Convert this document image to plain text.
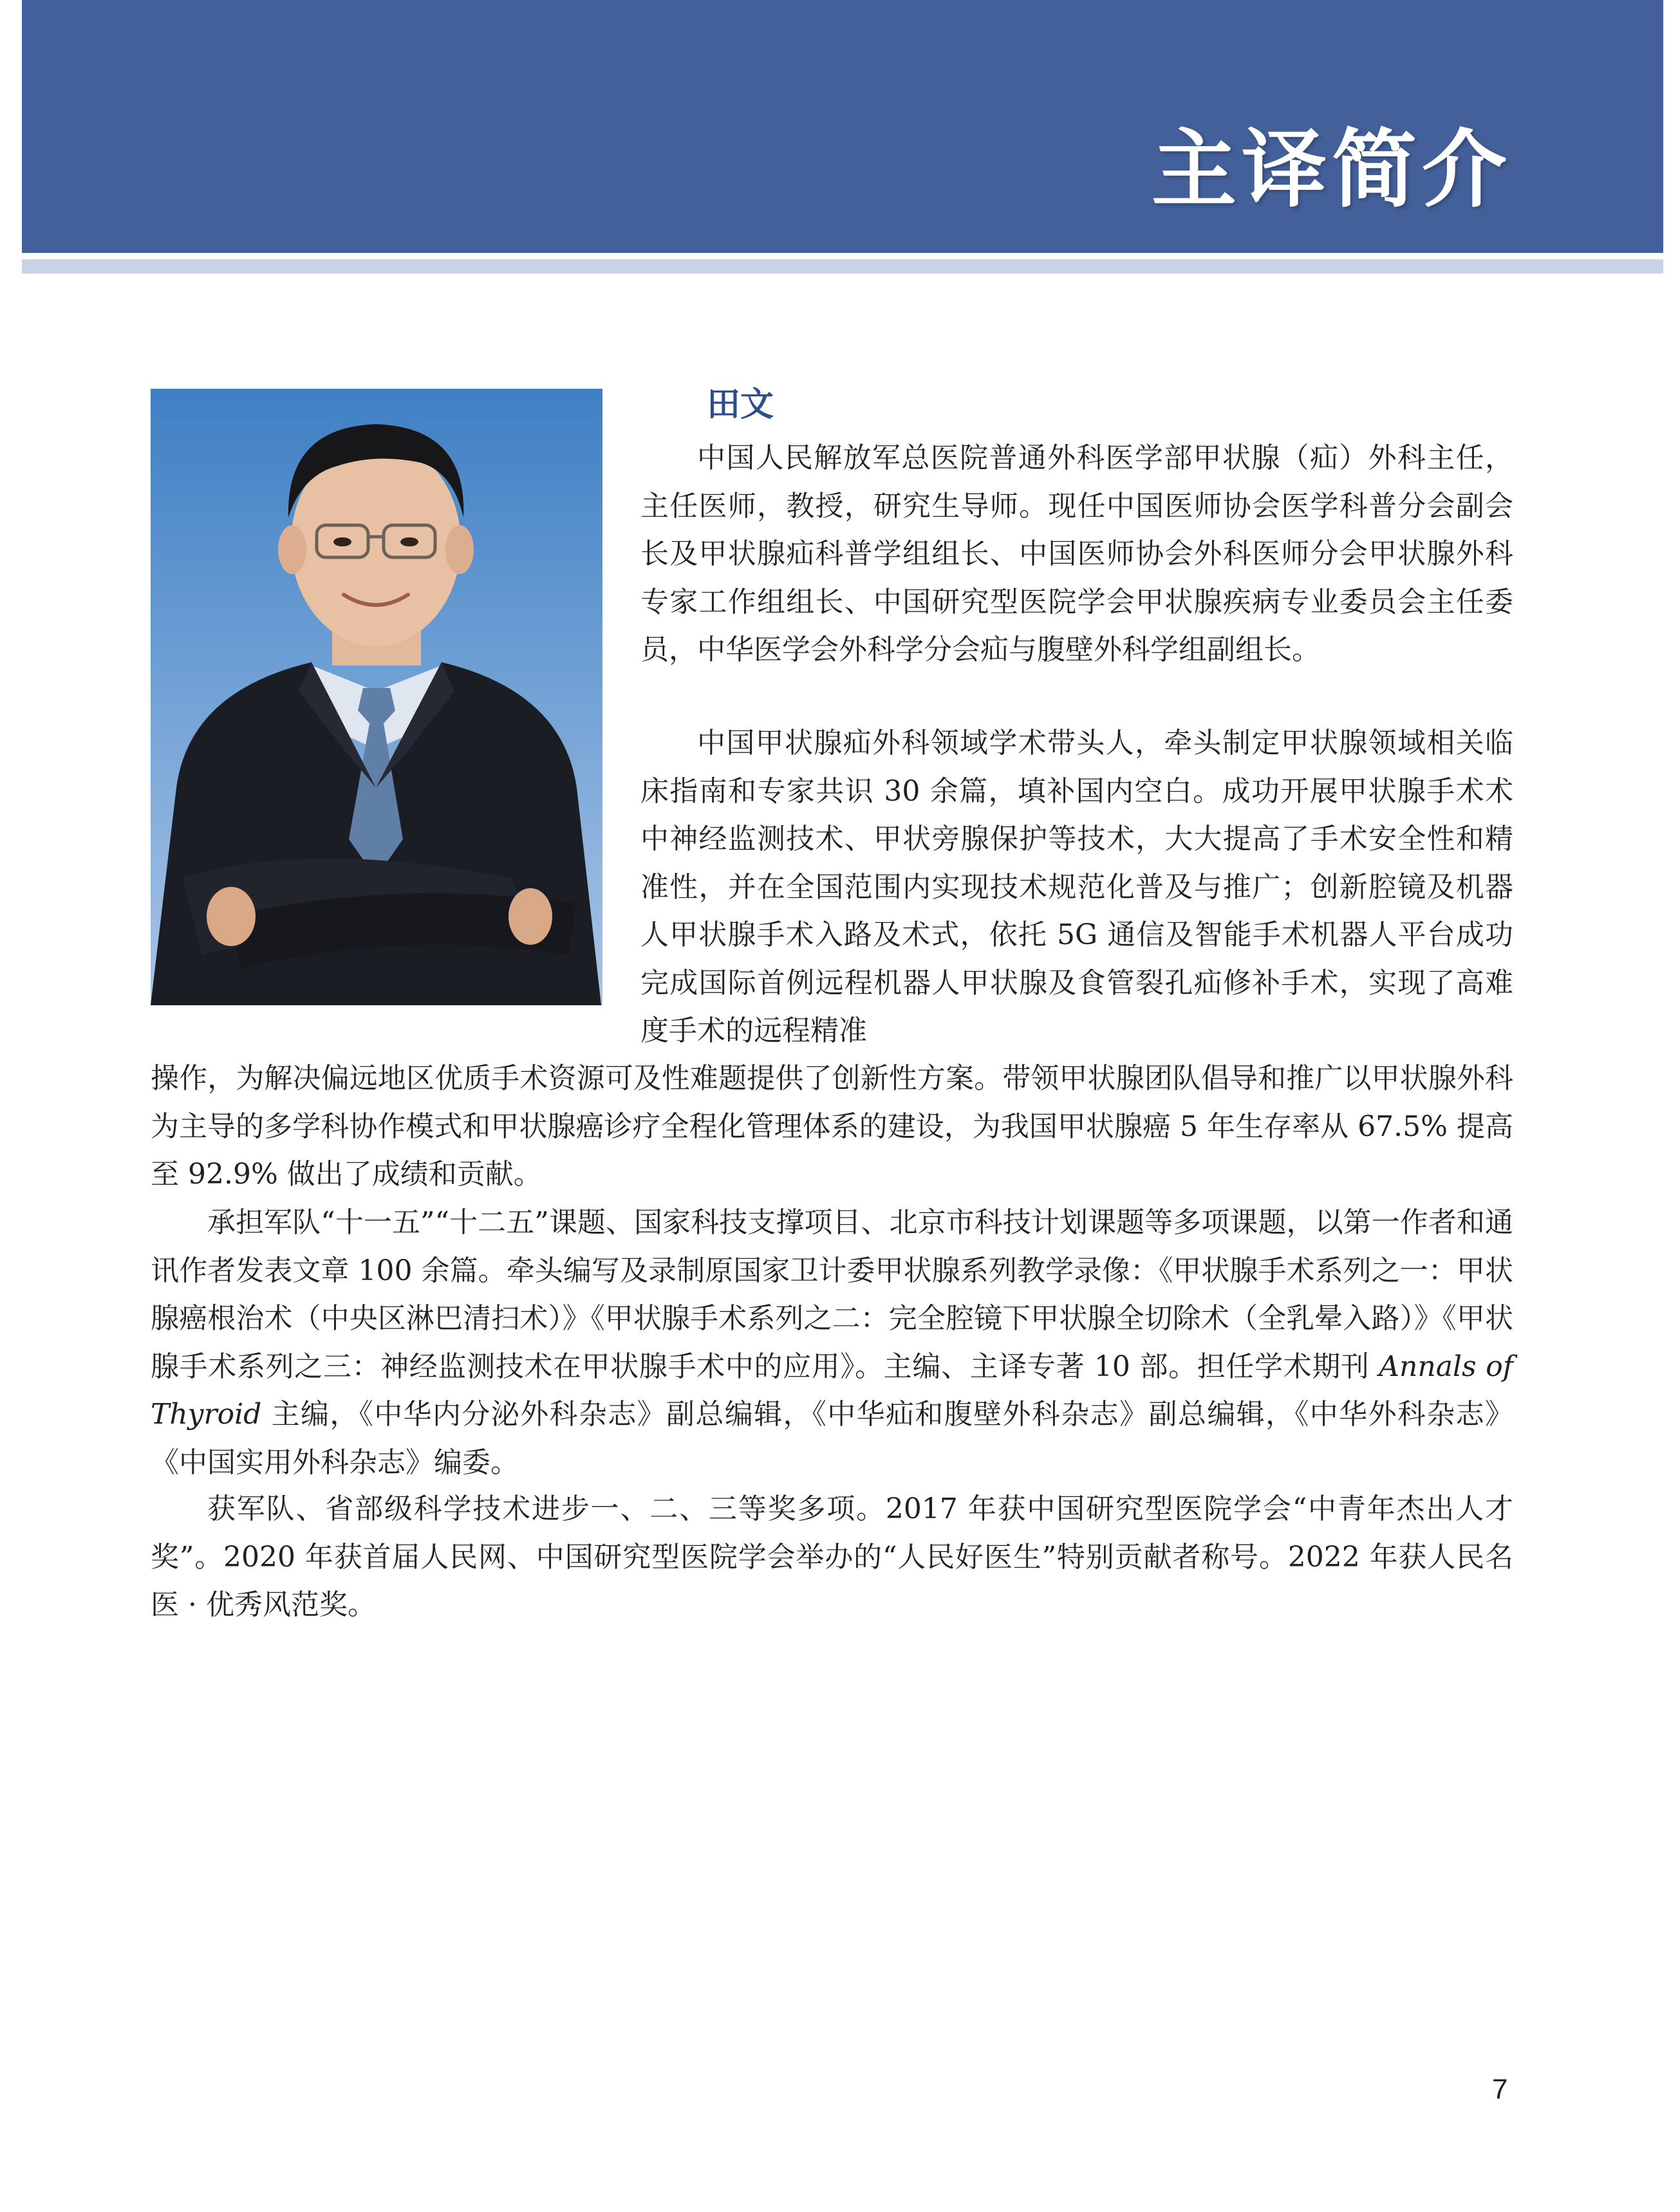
主译简介
田文

中国人民解放军总医院普通外科医学部甲状腺（疝）外科主任，主任医师，教授，研究生导师。现任中国医师协会医学科普分会副会长及甲状腺疝科普学组组长、中国医师协会外科医师分会甲状腺外科专家工作组组长、中国研究型医院学会甲状腺疾病专业委员会主任委员，中华医学会外科学分会疝与腹壁外科学组副组长。

中国甲状腺疝外科领域学术带头人，牵头制定甲状腺领域相关临床指南和专家共识 30 余篇，填补国内空白。成功开展甲状腺手术术中神经监测技术、甲状旁腺保护等技术，大大提高了手术安全性和精准性，并在全国范围内实现技术规范化普及与推广；创新腔镜及机器人甲状腺手术入路及术式，依托 5G 通信及智能手术机器人平台成功完成国际首例远程机器人甲状腺及食管裂孔疝修补手术，实现了高难度手术的远程精准

操作，为解决偏远地区优质手术资源可及性难题提供了创新性方案。带领甲状腺团队倡导和推广以甲状腺外科为主导的多学科协作模式和甲状腺癌诊疗全程化管理体系的建设，为我国甲状腺癌 5 年生存率从 67.5% 提高至 92.9% 做出了成绩和贡献。

承担军队“十一五”“十二五”课题、国家科技支撑项目、北京市科技计划课题等多项课题，以第一作者和通讯作者发表文章 100 余篇。牵头编写及录制原国家卫计委甲状腺系列教学录像：《甲状腺手术系列之一：甲状腺癌根治术（中央区淋巴清扫术）》《甲状腺手术系列之二：完全腔镜下甲状腺全切除术（全乳晕入路）》《甲状腺手术系列之三：神经监测技术在甲状腺手术中的应用》。主编、主译专著 10 部。担任学术期刊 Annals of Thyroid 主编，《中华内分泌外科杂志》副总编辑，《中华疝和腹壁外科杂志》副总编辑，《中华外科杂志》《中国实用外科杂志》编委。

获军队、省部级科学技术进步一、二、三等奖多项。2017 年获中国研究型医院学会“中青年杰出人才奖”。2020 年获首届人民网、中国研究型医院学会举办的“人民好医生”特别贡献者称号。2022 年获人民名医 · 优秀风范奖。

7
